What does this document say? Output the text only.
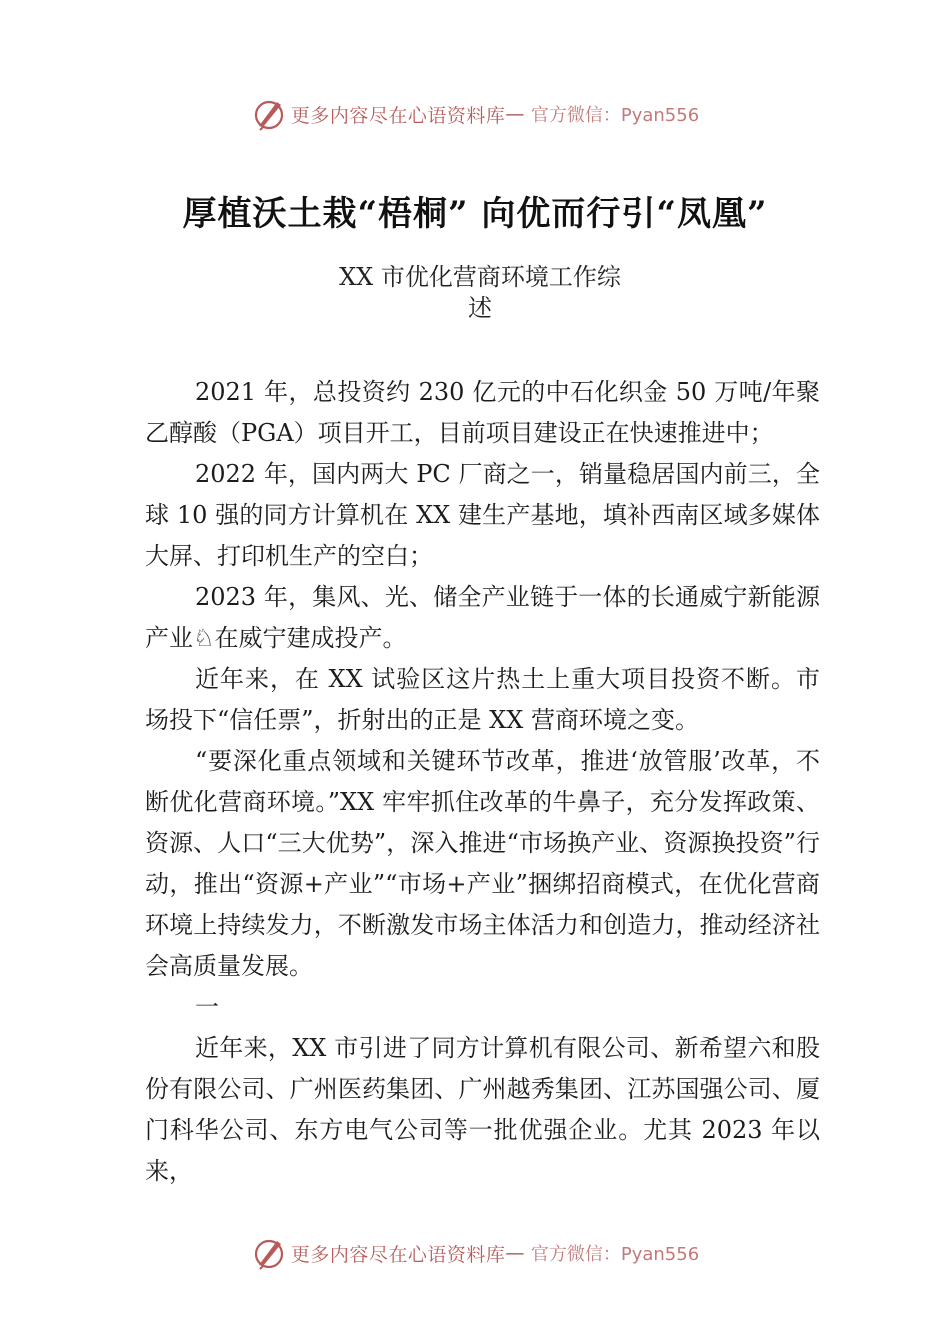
更多内容尽在心语资料库 — 官方微信：Pyan556
厚植沃土栽“梧桐” 向优而行引“凤凰”
XX 市优化营商环境工作综述

2021 年，总投资约 230 亿元的中石化织金 50 万吨/年聚乙醇酸（PGA）项目开工，目前项目建设正在快速推进中；

2022 年，国内两大 PC 厂商之一，销量稳居国内前三，全球 10 强的同方计算机在 XX 建生产基地，填补西南区域多媒体大屏、打印机生产的空白；

2023 年，集风、光、储全产业链于一体的长通威宁新能源产业♘在威宁建成投产。

近年来，在 XX 试验区这片热土上重大项目投资不断。市场投下“信任票”，折射出的正是 XX 营商环境之变。

“要深化重点领域和关键环节改革，推进‘放管服’改革，不断优化营商环境。”XX 牢牢抓住改革的牛鼻子，充分发挥政策、资源、人口“三大优势”，深入推进“市场换产业、资源换投资”行动，推出“资源+产业”“市场+产业”捆绑招商模式，在优化营商环境上持续发力，不断激发市场主体活力和创造力，推动经济社会高质量发展。

一

近年来，XX 市引进了同方计算机有限公司、新希望六和股份有限公司、广州医药集团、广州越秀集团、江苏国强公司、厦门科华公司、东方电气公司等一批优强企业。尤其 2023 年以来，

更多内容尽在心语资料库 — 官方微信：Pyan556
